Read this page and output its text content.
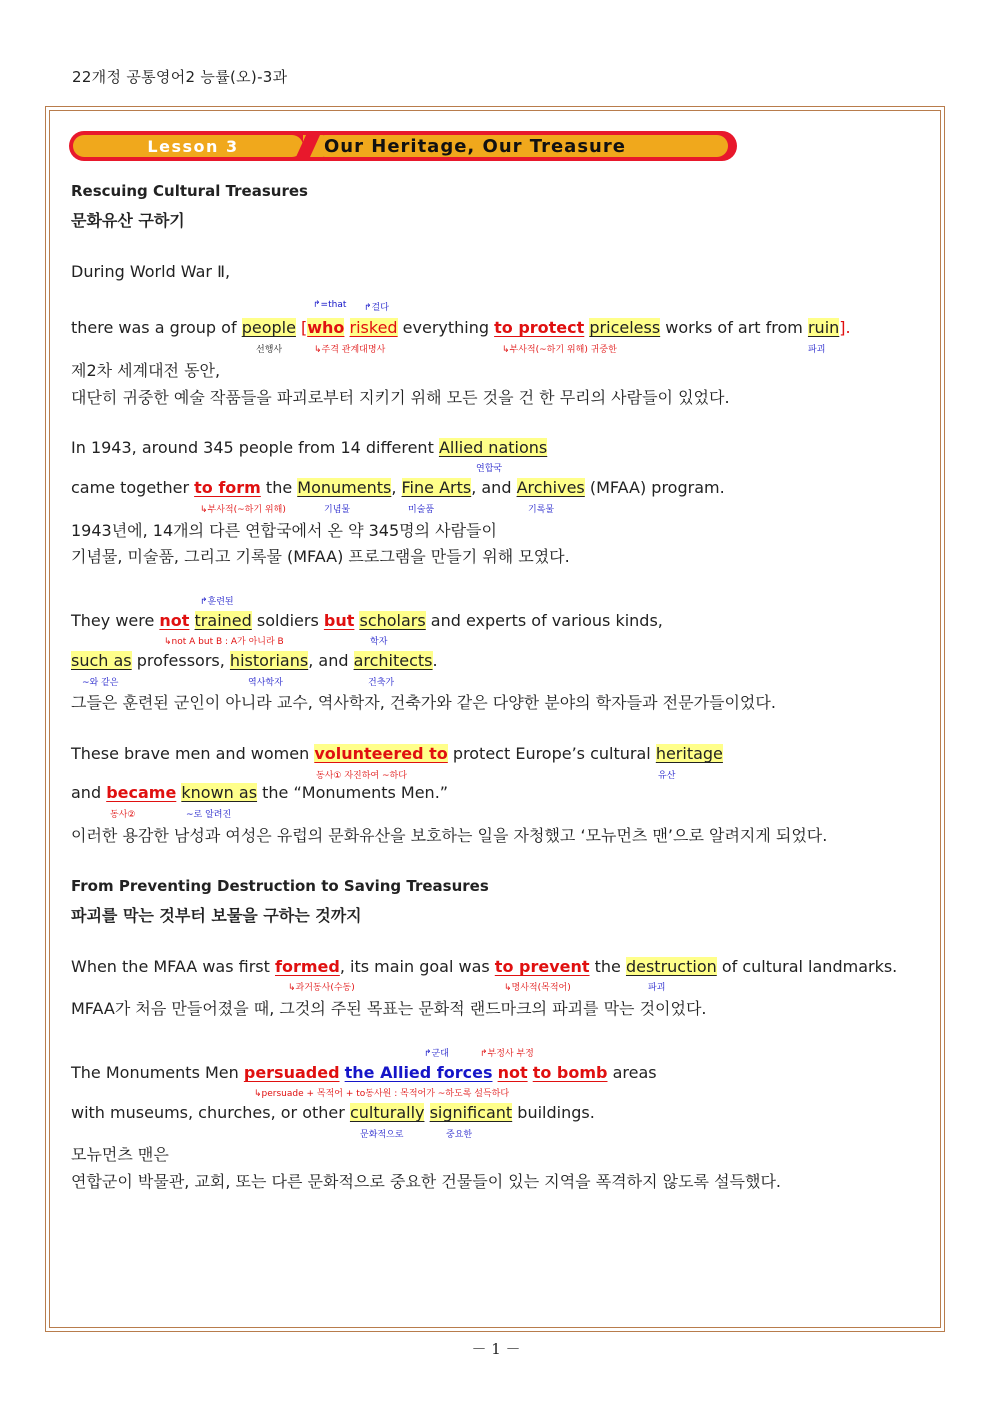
22개정 공통영어2 능률(오)-3과
Lesson 3	Our Heritage, Our Treasure
Rescuing Cultural Treasures
문화유산 구하기
During World War Ⅱ,
↱=that ↱걸다
there was a group of people [who risked everything to protect priceless works of art from ruin].
선행사	↳주격 관계대명사	↳부사적(~하기 위해) 귀중한	파괴
제2차 세계대전 동안,
대단히 귀중한 예술 작품들을 파괴로부터 지키기 위해 모든 것을 건 한 무리의 사람들이 있었다.
In 1943, around 345 people from 14 different Allied nations
연합국
came together to form the Monuments, Fine Arts, and Archives (MFAA) program.
↳부사적(~하기 위해)	기념물	미술품	기록물
1943년에, 14개의 다른 연합국에서 온 약 345명의 사람들이
기념물, 미술품, 그리고 기록물 (MFAA) 프로그램을 만들기 위해 모였다.
↱훈련된
They were not trained soldiers but scholars and experts of various kinds,
↳not A but B : A가 아니라 B	학자
such as professors, historians, and architects.
~와 같은	역사학자	건축가
그들은 훈련된 군인이 아니라 교수, 역사학자, 건축가와 같은 다양한 분야의 학자들과 전문가들이었다.
These brave men and women volunteered to protect Europe’s cultural heritage
동사① 자진하여 ~하다	유산
and became known as the “Monuments Men.”
동사②	~로 알려진
이러한 용감한 남성과 여성은 유럽의 문화유산을 보호하는 일을 자청했고 ‘모뉴먼츠 맨’으로 알려지게 되었다.
From Preventing Destruction to Saving Treasures
파괴를 막는 것부터 보물을 구하는 것까지
When the MFAA was first formed, its main goal was to prevent the destruction of cultural landmarks.
↳과거동사(수동)	↳명사적(목적어)	파괴
MFAA가 처음 만들어졌을 때, 그것의 주된 목표는 문화적 랜드마크의 파괴를 막는 것이었다.
↱군대	↱부정사 부정
The Monuments Men persuaded the Allied forces not to bomb areas
↳persuade + 목적어 + to동사원 : 목적어가 ~하도록 설득하다
with museums, churches, or other culturally significant buildings.
문화적으로	중요한
모뉴먼츠 맨은
연합군이 박물관, 교회, 또는 다른 문화적으로 중요한 건물들이 있는 지역을 폭격하지 않도록 설득했다.
－ 1 －
